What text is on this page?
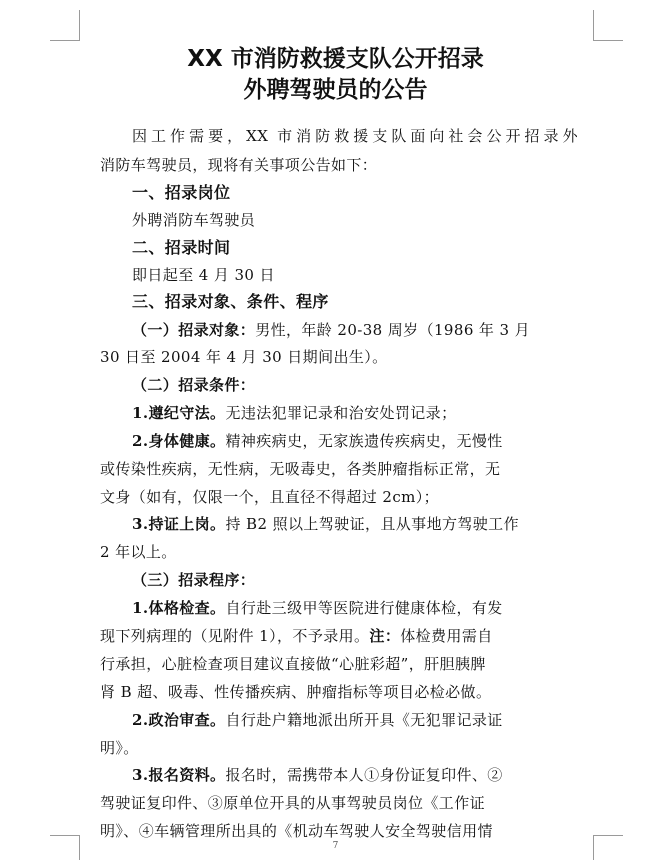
XX 市消防救援支队公开招录
外聘驾驶员的公告
因工作需要，XX 市消防救援支队面向社会公开招录外
消防车驾驶员，现将有关事项公告如下：
一、招录岗位
外聘消防车驾驶员
二、招录时间
即日起至 4 月 30 日
三、招录对象、条件、程序
（一）招录对象：男性，年龄 20-38 周岁（1986 年 3 月
30 日至 2004 年 4 月 30 日期间出生）。
（二）招录条件：
1.遵纪守法。无违法犯罪记录和治安处罚记录；
2.身体健康。精神疾病史，无家族遗传疾病史，无慢性
或传染性疾病，无性病，无吸毒史，各类肿瘤指标正常，无
文身（如有，仅限一个，且直径不得超过 2cm）；
3.持证上岗。持 B2 照以上驾驶证，且从事地方驾驶工作
2 年以上。
（三）招录程序：
1.体格检查。自行赴三级甲等医院进行健康体检，有发
现下列病理的（见附件 1），不予录用。注：体检费用需自
行承担，心脏检查项目建议直接做“心脏彩超”，肝胆胰脾
肾 B 超、吸毒、性传播疾病、肿瘤指标等项目必检必做。
2.政治审查。自行赴户籍地派出所开具《无犯罪记录证
明》。
3.报名资料。报名时，需携带本人①身份证复印件、②
驾驶证复印件、③原单位开具的从事驾驶员岗位《工作证
明》、④车辆管理所出具的《机动车驾驶人安全驾驶信用情
7
